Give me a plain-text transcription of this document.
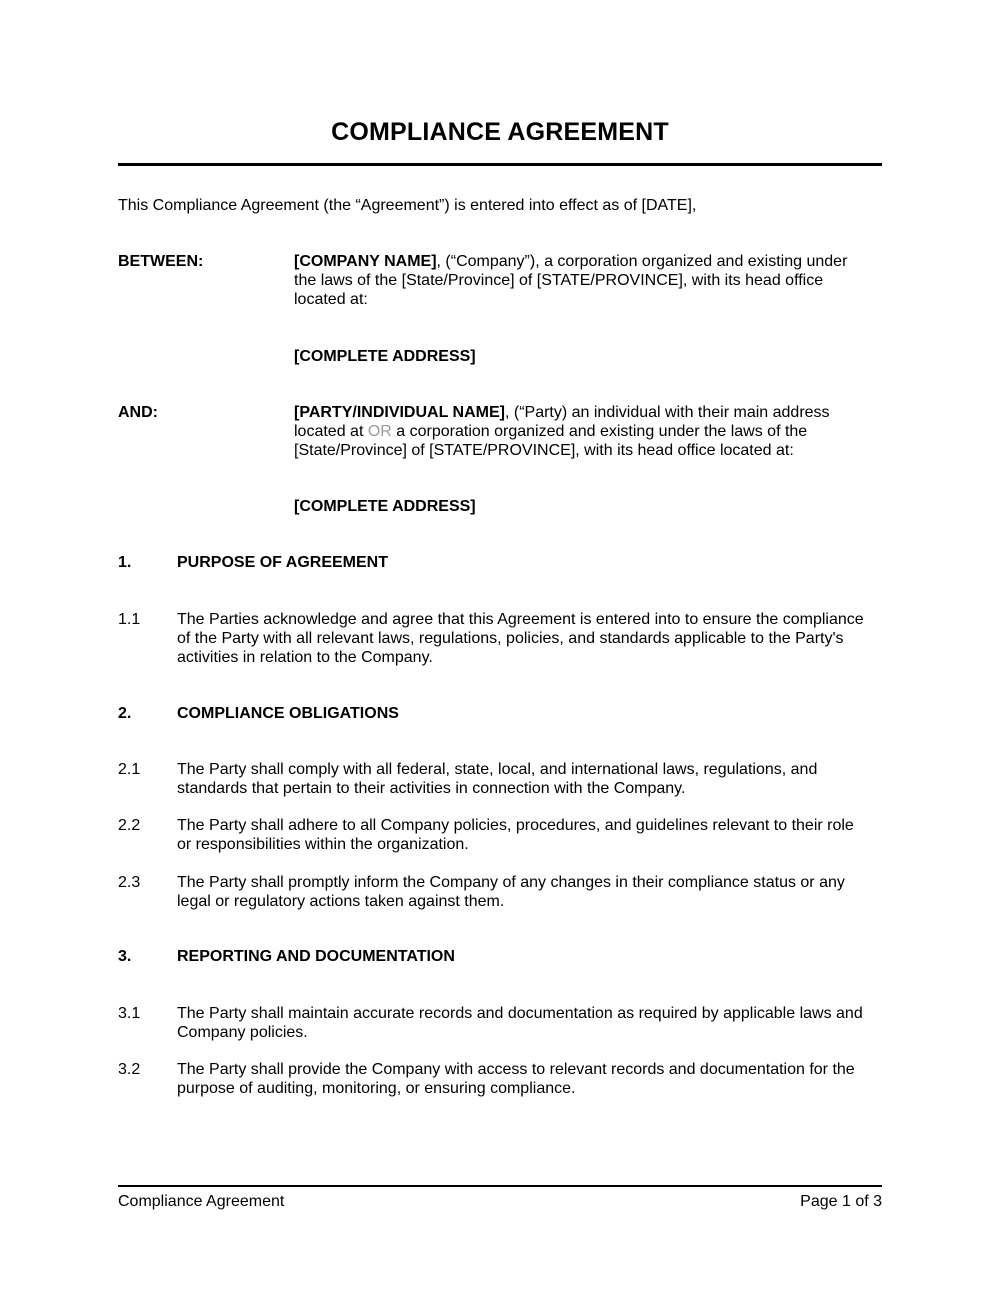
COMPLIANCE AGREEMENT
This Compliance Agreement (the “Agreement”) is entered into effect as of [DATE],
BETWEEN:	[COMPANY NAME], (“Company”), a corporation organized and existing under
the laws of the [State/Province] of [STATE/PROVINCE], with its head office
located at:
[COMPLETE ADDRESS]
AND:	[PARTY/INDIVIDUAL NAME], (“Party) an individual with their main address
located at OR a corporation organized and existing under the laws of the
[State/Province] of [STATE/PROVINCE], with its head office located at:
[COMPLETE ADDRESS]
1.	PURPOSE OF AGREEMENT
1.1 The Parties acknowledge and agree that this Agreement is entered into to ensure the compliance
of the Party with all relevant laws, regulations, policies, and standards applicable to the Party's
activities in relation to the Company.
2.	COMPLIANCE OBLIGATIONS
2.1 The Party shall comply with all federal, state, local, and international laws, regulations, and
standards that pertain to their activities in connection with the Company.
2.2 The Party shall adhere to all Company policies, procedures, and guidelines relevant to their role
or responsibilities within the organization.
2.3 The Party shall promptly inform the Company of any changes in their compliance status or any
legal or regulatory actions taken against them.
3.	REPORTING AND DOCUMENTATION
3.1 The Party shall maintain accurate records and documentation as required by applicable laws and
Company policies.
3.2 The Party shall provide the Company with access to relevant records and documentation for the
purpose of auditing, monitoring, or ensuring compliance.
Compliance Agreement	Page 1 of 3
